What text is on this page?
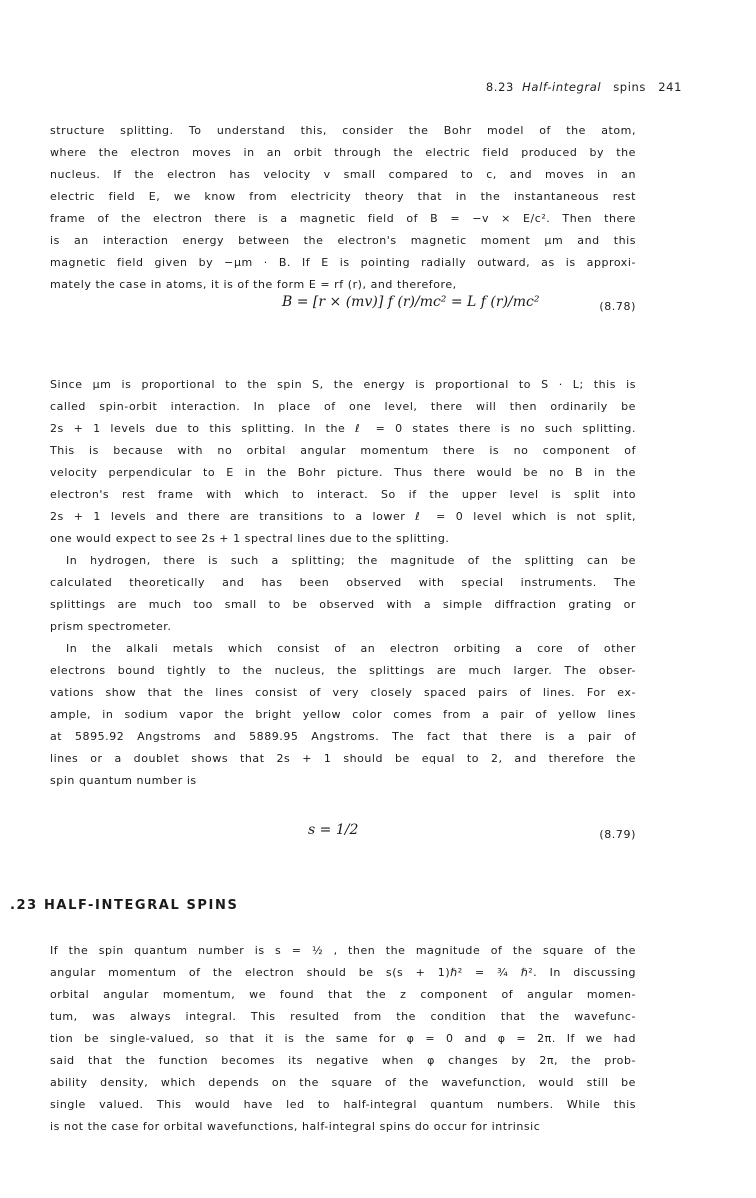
8.23 Half-integral spins 241
structure splitting. To understand this, consider the Bohr model of the atom,
where the electron moves in an orbit through the electric field produced by the
nucleus. If the electron has velocity v small compared to c, and moves in an
electric field E, we know from electricity theory that in the instantaneous rest
frame of the electron there is a magnetic field of B = −v × E/c². Then there
is an interaction energy between the electron's magnetic moment μm and this
magnetic field given by −μm · B. If E is pointing radially outward, as is approxi-
mately the case in atoms, it is of the form E = rf (r), and therefore,
B = [r × (mv)] f (r)/mc² = L f (r)/mc²	(8.78)
Since μm is proportional to the spin S, the energy is proportional to S · L; this is
called spin-orbit interaction. In place of one level, there will then ordinarily be
2s + 1 levels due to this splitting. In the ℓ = 0 states there is no such splitting.
This is because with no orbital angular momentum there is no component of
velocity perpendicular to E in the Bohr picture. Thus there would be no B in the
electron's rest frame with which to interact. So if the upper level is split into
2s + 1 levels and there are transitions to a lower ℓ = 0 level which is not split,
one would expect to see 2s + 1 spectral lines due to the splitting.
In hydrogen, there is such a splitting; the magnitude of the splitting can be
calculated theoretically and has been observed with special instruments. The
splittings are much too small to be observed with a simple diffraction grating or
prism spectrometer.
In the alkali metals which consist of an electron orbiting a core of other
electrons bound tightly to the nucleus, the splittings are much larger. The obser-
vations show that the lines consist of very closely spaced pairs of lines. For ex-
ample, in sodium vapor the bright yellow color comes from a pair of yellow lines
at 5895.92 Angstroms and 5889.95 Angstroms. The fact that there is a pair of
lines or a doublet shows that 2s + 1 should be equal to 2, and therefore the
spin quantum number is
s = 1/2	(8.79)
.23 HALF-INTEGRAL SPINS
If the spin quantum number is s = ½ , then the magnitude of the square of the
angular momentum of the electron should be s(s + 1)ℏ² = ¾ ℏ². In discussing
orbital angular momentum, we found that the z component of angular momen-
tum, was always integral. This resulted from the condition that the wavefunc-
tion be single-valued, so that it is the same for φ = 0 and φ = 2π. If we had
said that the function becomes its negative when φ changes by 2π, the prob-
ability density, which depends on the square of the wavefunction, would still be
single valued. This would have led to half-integral quantum numbers. While this
is not the case for orbital wavefunctions, half-integral spins do occur for intrinsic
